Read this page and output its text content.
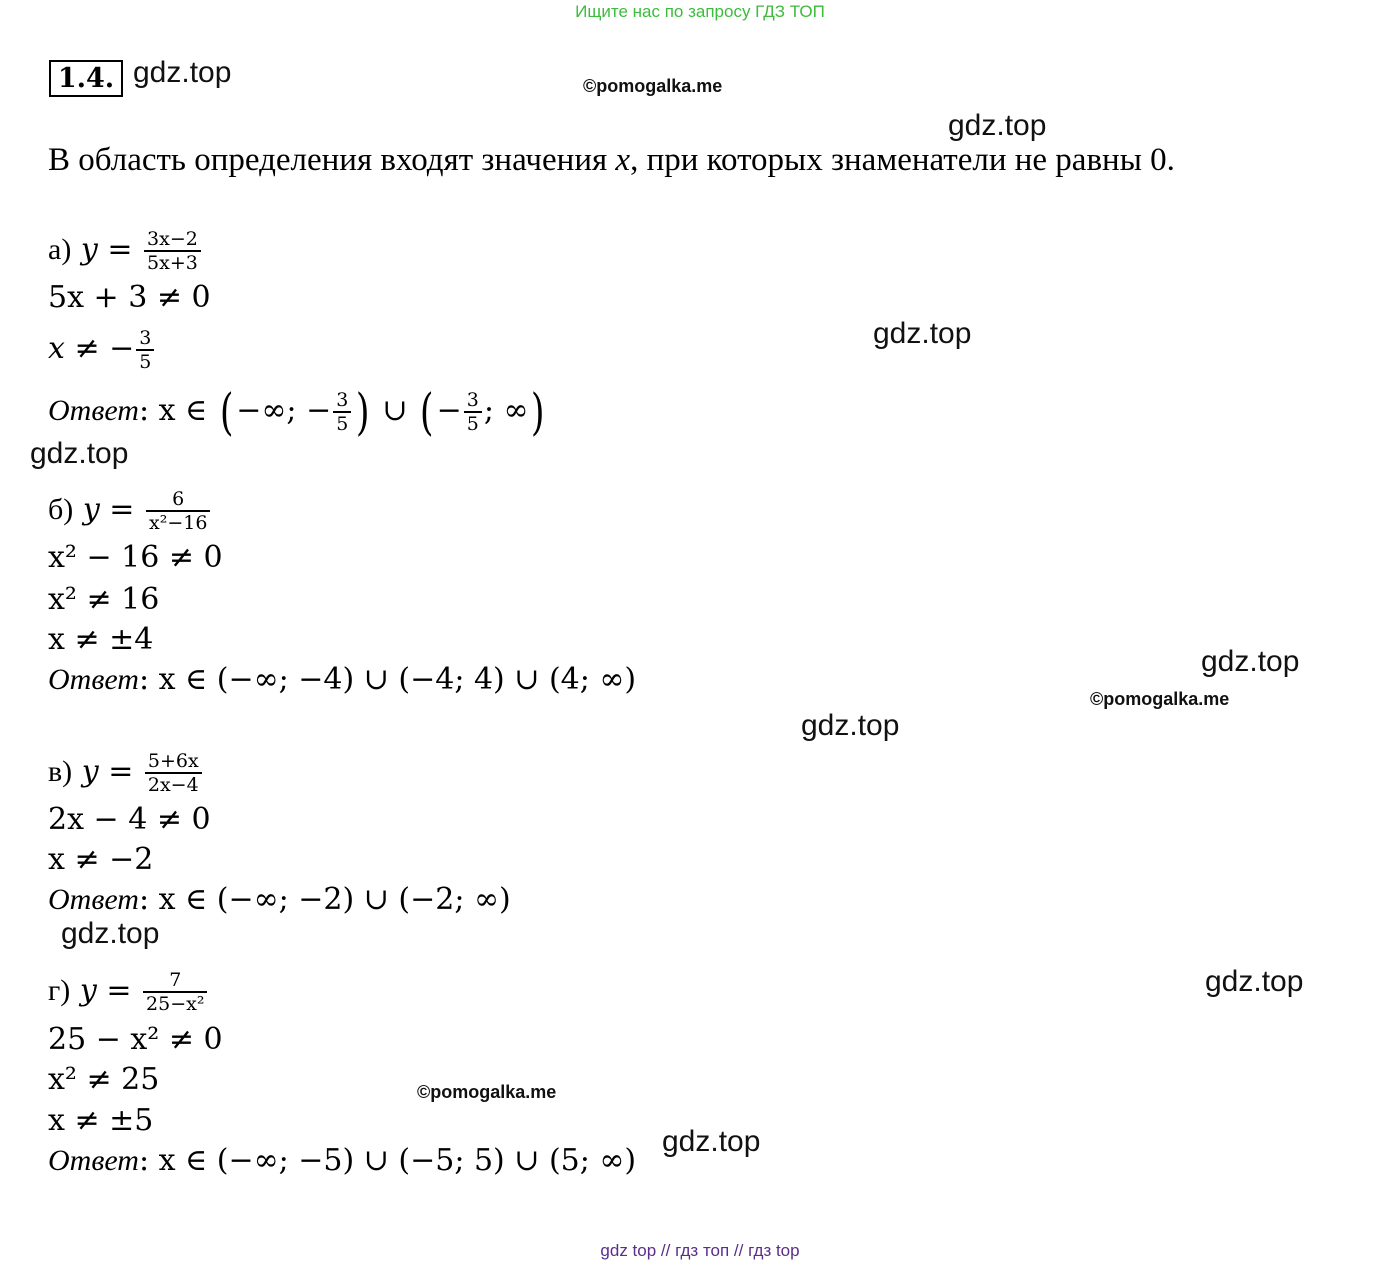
Ищите нас по запросу ГДЗ ТОП
gdz top // гдз топ // гдз top
1.4. gdz.top	©pomogalka.me
gdz.top
gdz.top
gdz.top
gdz.top
©pomogalka.me
gdz.top
gdz.top
gdz.top
©pomogalka.me
gdz.top
В область определения входят значения x, при которых знаменатели не равны 0.
а) $y = \frac{3x-2}{5x+3}$
5x + 3 ≠ 0
x ≠ − $\frac{3}{5}$
Ответ: x ∈ (−∞; − $\frac{3}{5}$ ) ∪ (− $\frac{3}{5}$ ; ∞)
б) $y = \frac{6}{\text{x²−16}}$
x² − 16 ≠ 0
x² ≠ 16
x ≠ ±4
Ответ: x ∈ (−∞; −4) ∪ (−4; 4) ∪ (4; ∞)
в) $y = \frac{5+6x}{2x-4}$
2x − 4 ≠ 0
x ≠ −2
Ответ: x ∈ (−∞; −2) ∪ (−2; ∞)
г) $y = \frac{7}{\text{25−x²}}$
25 − x² ≠ 0
x² ≠ 25
x ≠ ±5
Ответ: x ∈ (−∞; −5) ∪ (−5; 5) ∪ (5; ∞)
